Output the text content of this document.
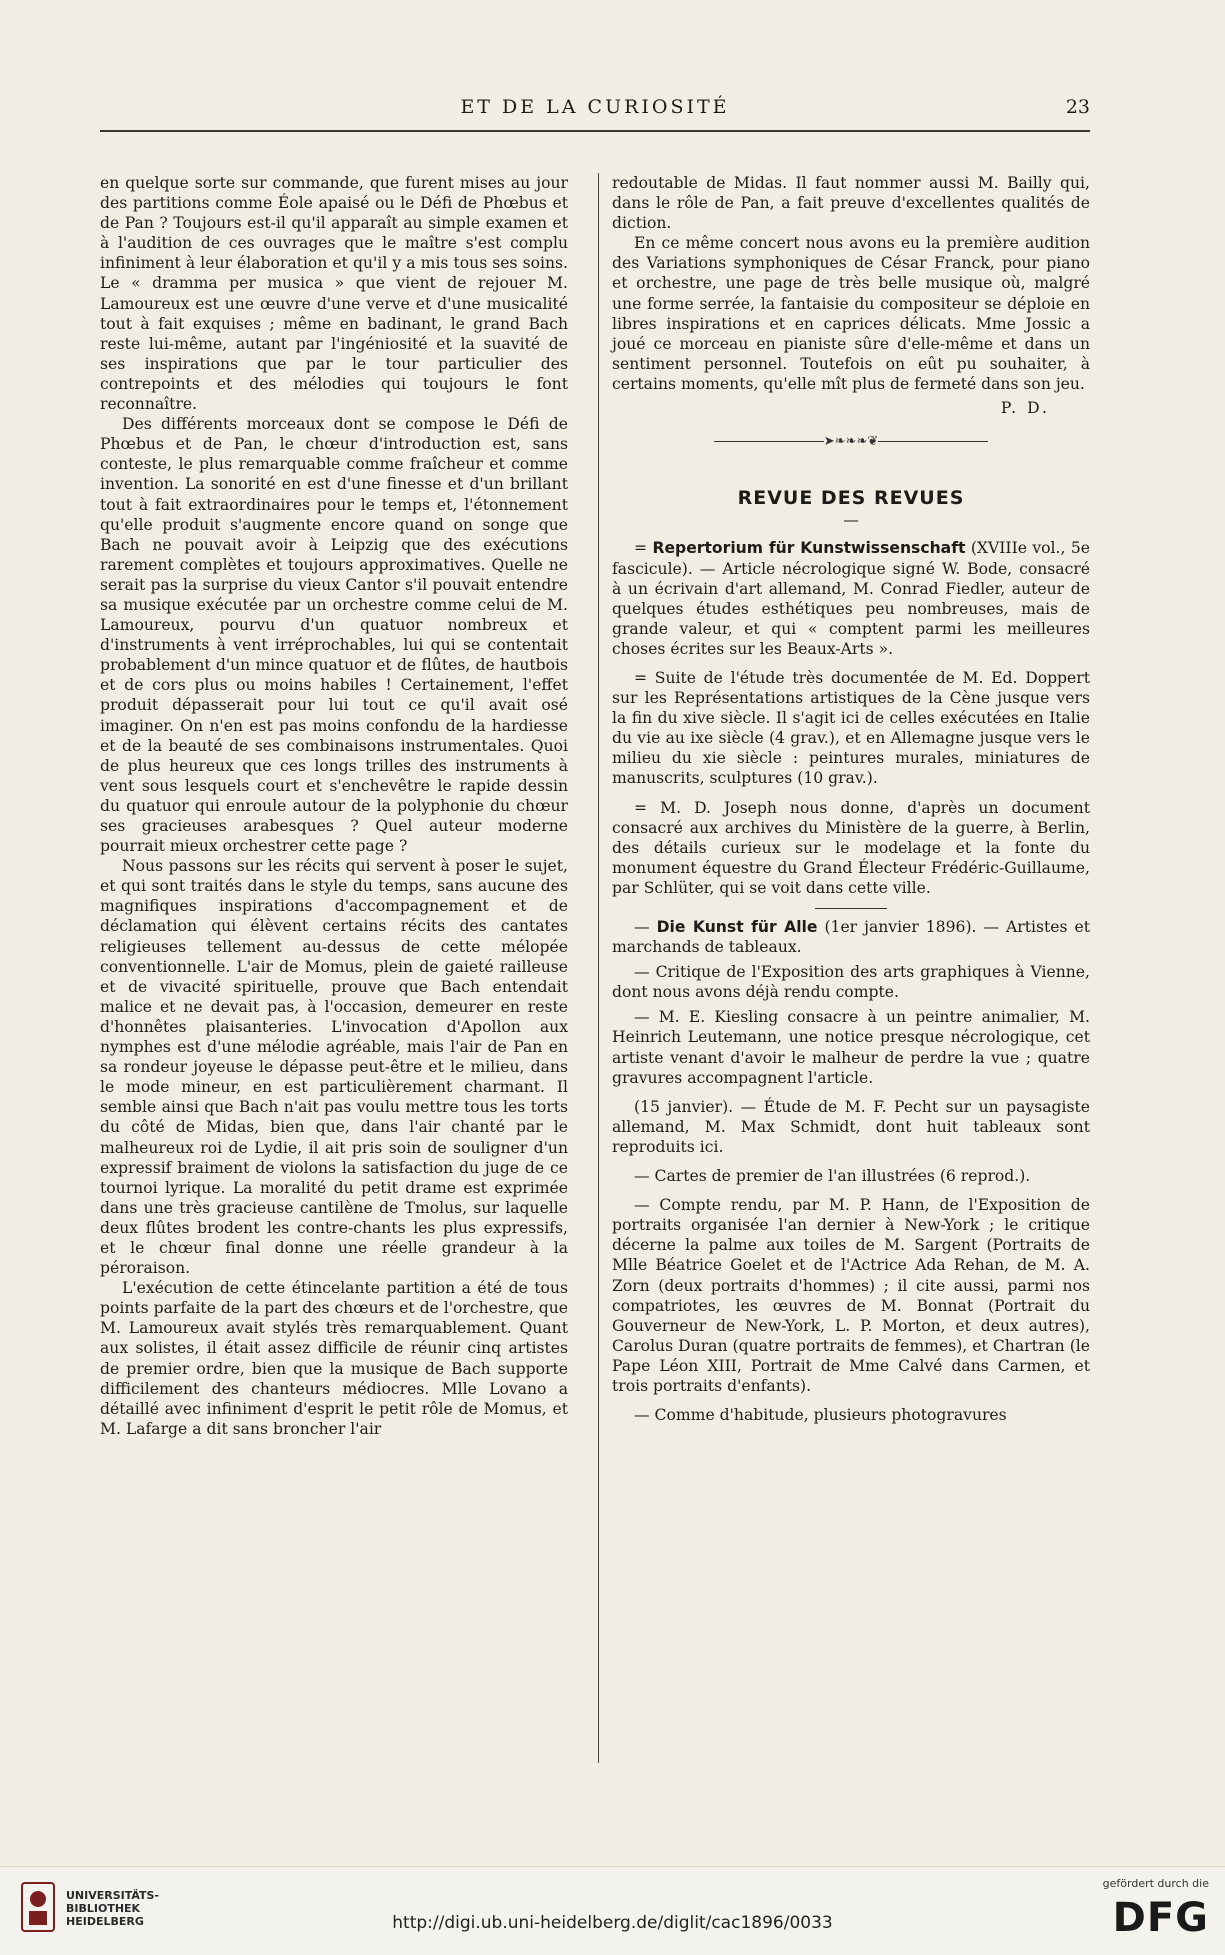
ET DE LA CURIOSITÉ	23

en quelque sorte sur commande, que furent mises au jour des partitions comme Éole apaisé ou le Défi de Phœbus et de Pan ? Toujours est-il qu'il apparaît au simple examen et à l'audition de ces ouvrages que le maître s'est complu infiniment à leur élaboration et qu'il y a mis tous ses soins. Le « dramma per musica » que vient de rejouer M. Lamoureux est une œuvre d'une verve et d'une musicalité tout à fait exquises ; même en badinant, le grand Bach reste lui-même, autant par l'ingéniosité et la suavité de ses inspirations que par le tour particulier des contrepoints et des mélodies qui toujours le font reconnaître.

Des différents morceaux dont se compose le Défi de Phœbus et de Pan, le chœur d'introduction est, sans conteste, le plus remarquable comme fraîcheur et comme invention. La sonorité en est d'une finesse et d'un brillant tout à fait extraordinaires pour le temps et, l'étonnement qu'elle produit s'augmente encore quand on songe que Bach ne pouvait avoir à Leipzig que des exécutions rarement complètes et toujours approximatives. Quelle ne serait pas la surprise du vieux Cantor s'il pouvait entendre sa musique exécutée par un orchestre comme celui de M. Lamoureux, pourvu d'un quatuor nombreux et d'instruments à vent irréprochables, lui qui se contentait probablement d'un mince quatuor et de flûtes, de hautbois et de cors plus ou moins habiles ! Certainement, l'effet produit dépasserait pour lui tout ce qu'il avait osé imaginer. On n'en est pas moins confondu de la hardiesse et de la beauté de ses combinaisons instrumentales. Quoi de plus heureux que ces longs trilles des instruments à vent sous lesquels court et s'enchevêtre le rapide dessin du quatuor qui enroule autour de la polyphonie du chœur ses gracieuses arabesques ? Quel auteur moderne pourrait mieux orchestrer cette page ?

Nous passons sur les récits qui servent à poser le sujet, et qui sont traités dans le style du temps, sans aucune des magnifiques inspirations d'accompagnement et de déclamation qui élèvent certains récits des cantates religieuses tellement au-dessus de cette mélopée conventionnelle. L'air de Momus, plein de gaieté railleuse et de vivacité spirituelle, prouve que Bach entendait malice et ne devait pas, à l'occasion, demeurer en reste d'honnêtes plaisanteries. L'invocation d'Apollon aux nymphes est d'une mélodie agréable, mais l'air de Pan en sa rondeur joyeuse le dépasse peut-être et le milieu, dans le mode mineur, en est particulièrement charmant. Il semble ainsi que Bach n'ait pas voulu mettre tous les torts du côté de Midas, bien que, dans l'air chanté par le malheureux roi de Lydie, il ait pris soin de souligner d'un expressif braiment de violons la satisfaction du juge de ce tournoi lyrique. La moralité du petit drame est exprimée dans une très gracieuse cantilène de Tmolus, sur laquelle deux flûtes brodent les contre-chants les plus expressifs, et le chœur final donne une réelle grandeur à la péroraison.

L'exécution de cette étincelante partition a été de tous points parfaite de la part des chœurs et de l'orchestre, que M. Lamoureux avait stylés très remarquablement. Quant aux solistes, il était assez difficile de réunir cinq artistes de premier ordre, bien que la musique de Bach supporte difficilement des chanteurs médiocres. Mlle Lovano a détaillé avec infiniment d'esprit le petit rôle de Momus, et M. Lafarge a dit sans broncher l'air

redoutable de Midas. Il faut nommer aussi M. Bailly qui, dans le rôle de Pan, a fait preuve d'excellentes qualités de diction.

En ce même concert nous avons eu la première audition des Variations symphoniques de César Franck, pour piano et orchestre, une page de très belle musique où, malgré une forme serrée, la fantaisie du compositeur se déploie en libres inspirations et en caprices délicats. Mme Jossic a joué ce morceau en pianiste sûre d'elle-même et dans un sentiment personnel. Toutefois on eût pu souhaiter, à certains moments, qu'elle mît plus de fermeté dans son jeu.

P. D.
➤❧❧❧❦
REVUE DES REVUES
—

= Repertorium für Kunstwissenschaft (XVIIIe vol., 5e fascicule). — Article nécrologique signé W. Bode, consacré à un écrivain d'art allemand, M. Conrad Fiedler, auteur de quelques études esthétiques peu nombreuses, mais de grande valeur, et qui « comptent parmi les meilleures choses écrites sur les Beaux-Arts ».

= Suite de l'étude très documentée de M. Ed. Doppert sur les Représentations artistiques de la Cène jusque vers la fin du xive siècle. Il s'agit ici de celles exécutées en Italie du vie au ixe siècle (4 grav.), et en Allemagne jusque vers le milieu du xie siècle : peintures murales, miniatures de manuscrits, sculptures (10 grav.).

= M. D. Joseph nous donne, d'après un document consacré aux archives du Ministère de la guerre, à Berlin, des détails curieux sur le modelage et la fonte du monument équestre du Grand Électeur Frédéric-Guillaume, par Schlüter, qui se voit dans cette ville.

— Die Kunst für Alle (1er janvier 1896). — Artistes et marchands de tableaux.

— Critique de l'Exposition des arts graphiques à Vienne, dont nous avons déjà rendu compte.

— M. E. Kiesling consacre à un peintre animalier, M. Heinrich Leutemann, une notice presque nécrologique, cet artiste venant d'avoir le malheur de perdre la vue ; quatre gravures accompagnent l'article.

(15 janvier). — Étude de M. F. Pecht sur un paysagiste allemand, M. Max Schmidt, dont huit tableaux sont reproduits ici.

— Cartes de premier de l'an illustrées (6 reprod.).

— Compte rendu, par M. P. Hann, de l'Exposition de portraits organisée l'an dernier à New-York ; le critique décerne la palme aux toiles de M. Sargent (Portraits de Mlle Béatrice Goelet et de l'Actrice Ada Rehan, de M. A. Zorn (deux portraits d'hommes) ; il cite aussi, parmi nos compatriotes, les œuvres de M. Bonnat (Portrait du Gouverneur de New-York, L. P. Morton, et deux autres), Carolus Duran (quatre portraits de femmes), et Chartran (le Pape Léon XIII, Portrait de Mme Calvé dans Carmen, et trois portraits d'enfants).

— Comme d'habitude, plusieurs photogravures

UNIVERSITÄTS-
BIBLIOTHEK
HEIDELBERG	http://digi.ub.uni-heidelberg.de/diglit/cac1896/0033
gefördert durch die
DFG
